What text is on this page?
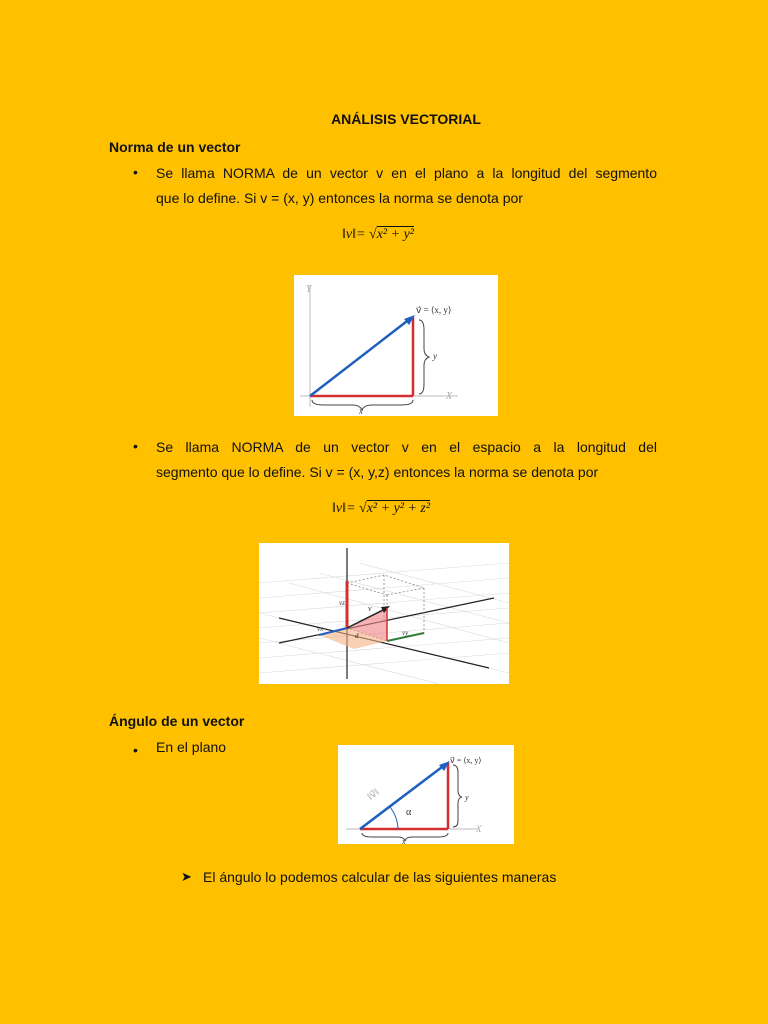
ANÁLISIS VECTORIAL
Norma de un vector
• Se llama NORMA de un vector v en el plano a la longitud del segmento
que lo define. Si v = (x, y) entonces la norma se denota por
‖v‖= √x² + y²
v⃗ = ⟨x, y⟩
x
y
X
Y
• Se llama NORMA de un vector v en el espacio a la longitud del
segmento que lo define. Si v = (x, y,z) entonces la norma se denota por
‖v‖= √x² + y² + z²
vz
v
vx	vy
d
Ángulo de un vector
• En el plano
v⃗ = ⟨x, y⟩
‖v⃗‖
α
y
x
X
➤ El ángulo lo podemos calcular de las siguientes maneras
